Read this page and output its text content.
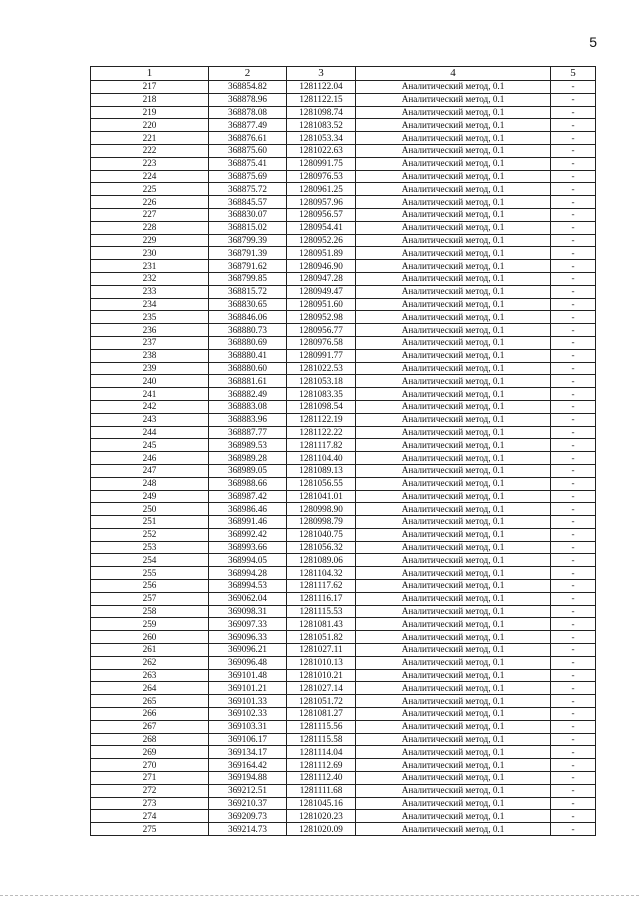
5
1	2	3	4	5
217	368854.82	1281122.04	Аналитический метод, 0.1	-
218	368878.96	1281122.15	Аналитический метод, 0.1	-
219	368878.08	1281098.74	Аналитический метод, 0.1	-
220	368877.49	1281083.52	Аналитический метод, 0.1	-
221	368876.61	1281053.34	Аналитический метод, 0.1	-
222	368875.60	1281022.63	Аналитический метод, 0.1	-
223	368875.41	1280991.75	Аналитический метод, 0.1	-
224	368875.69	1280976.53	Аналитический метод, 0.1	-
225	368875.72	1280961.25	Аналитический метод, 0.1	-
226	368845.57	1280957.96	Аналитический метод, 0.1	-
227	368830.07	1280956.57	Аналитический метод, 0.1	-
228	368815.02	1280954.41	Аналитический метод, 0.1	-
229	368799.39	1280952.26	Аналитический метод, 0.1	-
230	368791.39	1280951.89	Аналитический метод, 0.1	-
231	368791.62	1280946.90	Аналитический метод, 0.1	-
232	368799.85	1280947.28	Аналитический метод, 0.1	-
233	368815.72	1280949.47	Аналитический метод, 0.1	-
234	368830.65	1280951.60	Аналитический метод, 0.1	-
235	368846.06	1280952.98	Аналитический метод, 0.1	-
236	368880.73	1280956.77	Аналитический метод, 0.1	-
237	368880.69	1280976.58	Аналитический метод, 0.1	-
238	368880.41	1280991.77	Аналитический метод, 0.1	-
239	368880.60	1281022.53	Аналитический метод, 0.1	-
240	368881.61	1281053.18	Аналитический метод, 0.1	-
241	368882.49	1281083.35	Аналитический метод, 0.1	-
242	368883.08	1281098.54	Аналитический метод, 0.1	-
243	368883.96	1281122.19	Аналитический метод, 0.1	-
244	368887.77	1281122.22	Аналитический метод, 0.1	-
245	368989.53	1281117.82	Аналитический метод, 0.1	-
246	368989.28	1281104.40	Аналитический метод, 0.1	-
247	368989.05	1281089.13	Аналитический метод, 0.1	-
248	368988.66	1281056.55	Аналитический метод, 0.1	-
249	368987.42	1281041.01	Аналитический метод, 0.1	-
250	368986.46	1280998.90	Аналитический метод, 0.1	-
251	368991.46	1280998.79	Аналитический метод, 0.1	-
252	368992.42	1281040.75	Аналитический метод, 0.1	-
253	368993.66	1281056.32	Аналитический метод, 0.1	-
254	368994.05	1281089.06	Аналитический метод, 0.1	-
255	368994.28	1281104.32	Аналитический метод, 0.1	-
256	368994.53	1281117.62	Аналитический метод, 0.1	-
257	369062.04	1281116.17	Аналитический метод, 0.1	-
258	369098.31	1281115.53	Аналитический метод, 0.1	-
259	369097.33	1281081.43	Аналитический метод, 0.1	-
260	369096.33	1281051.82	Аналитический метод, 0.1	-
261	369096.21	1281027.11	Аналитический метод, 0.1	-
262	369096.48	1281010.13	Аналитический метод, 0.1	-
263	369101.48	1281010.21	Аналитический метод, 0.1	-
264	369101.21	1281027.14	Аналитический метод, 0.1	-
265	369101.33	1281051.72	Аналитический метод, 0.1	-
266	369102.33	1281081.27	Аналитический метод, 0.1	-
267	369103.31	1281115.56	Аналитический метод, 0.1	-
268	369106.17	1281115.58	Аналитический метод, 0.1	-
269	369134.17	1281114.04	Аналитический метод, 0.1	-
270	369164.42	1281112.69	Аналитический метод, 0.1	-
271	369194.88	1281112.40	Аналитический метод, 0.1	-
272	369212.51	1281111.68	Аналитический метод, 0.1	-
273	369210.37	1281045.16	Аналитический метод, 0.1	-
274	369209.73	1281020.23	Аналитический метод, 0.1	-
275	369214.73	1281020.09	Аналитический метод, 0.1	-
